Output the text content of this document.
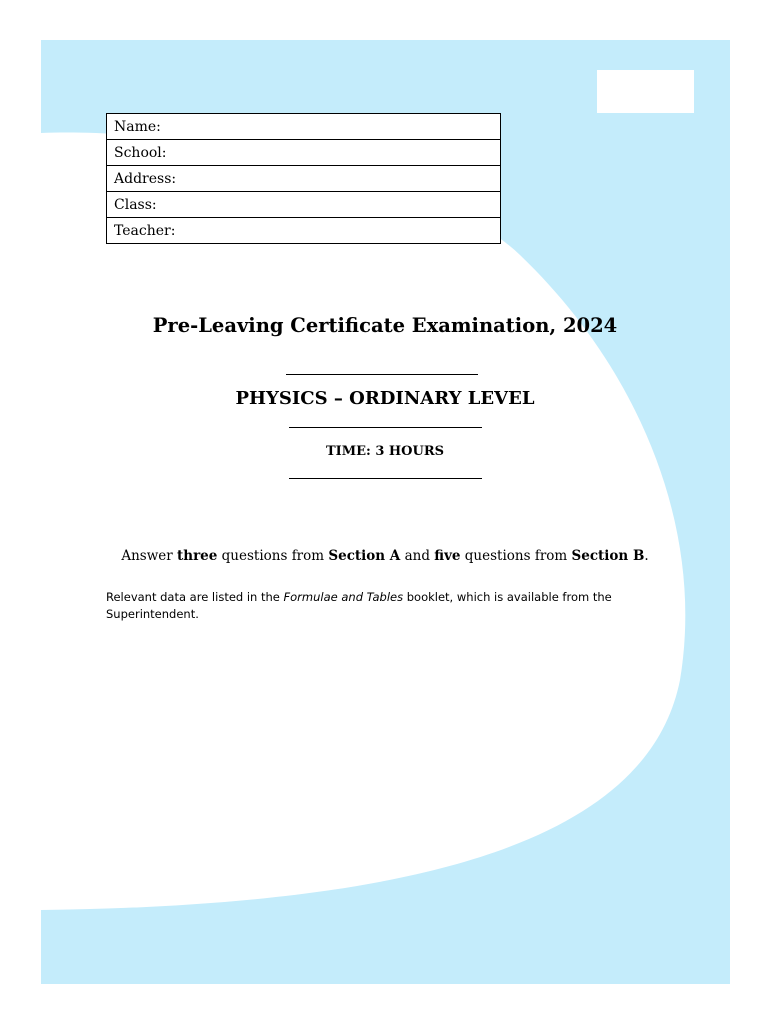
Name:
School:
Address:
Class:
Teacher:
Pre-Leaving Certificate Examination, 2024
PHYSICS – ORDINARY LEVEL
TIME: 3 HOURS
Answer three questions from Section A and five questions from Section B.
Relevant data are listed in the Formulae and Tables booklet, which is available from the Superintendent.
